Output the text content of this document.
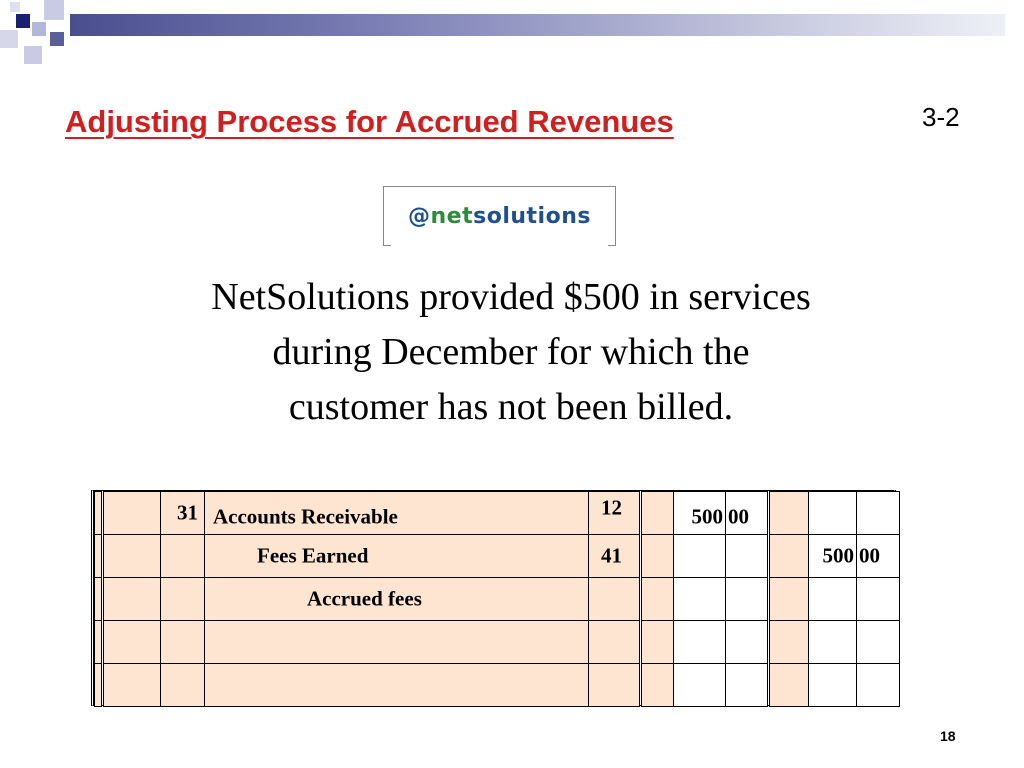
Adjusting Process for Accrued Revenues	3-2
@netsolutions

NetSolutions provided $500 in services during December for which the customer has not been billed.

		31	Accounts Receivable	12		500	00			

			Fees Earned	41					500	00

			Accrued fees							

18
